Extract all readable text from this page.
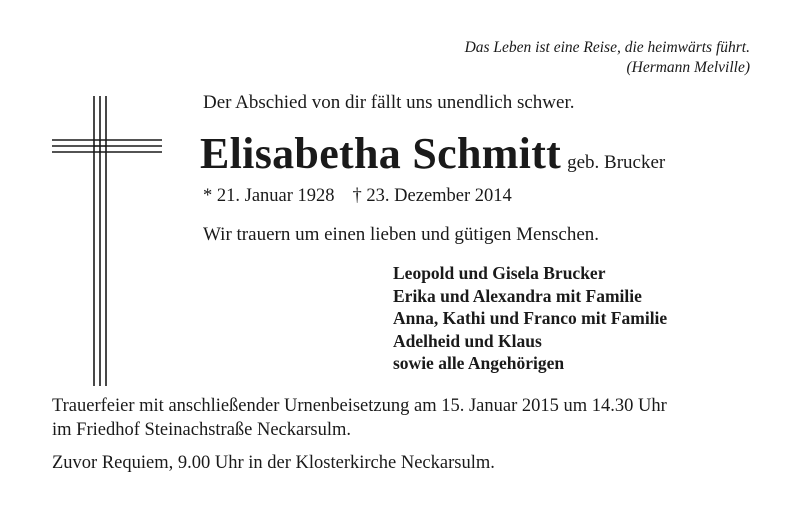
Das Leben ist eine Reise, die heimwärts führt.
(Hermann Melville)
Der Abschied von dir fällt uns unendlich schwer.
Elisabetha Schmitt geb. Brucker
* 21. Januar 1928 † 23. Dezember 2014
Wir trauern um einen lieben und gütigen Menschen.
Leopold und Gisela Brucker
Erika und Alexandra mit Familie
Anna, Kathi und Franco mit Familie
Adelheid und Klaus
sowie alle Angehörigen
Trauerfeier mit anschließender Urnenbeisetzung am 15. Januar 2015 um 14.30 Uhr
im Friedhof Steinachstraße Neckarsulm.
Zuvor Requiem, 9.00 Uhr in der Klosterkirche Neckarsulm.
